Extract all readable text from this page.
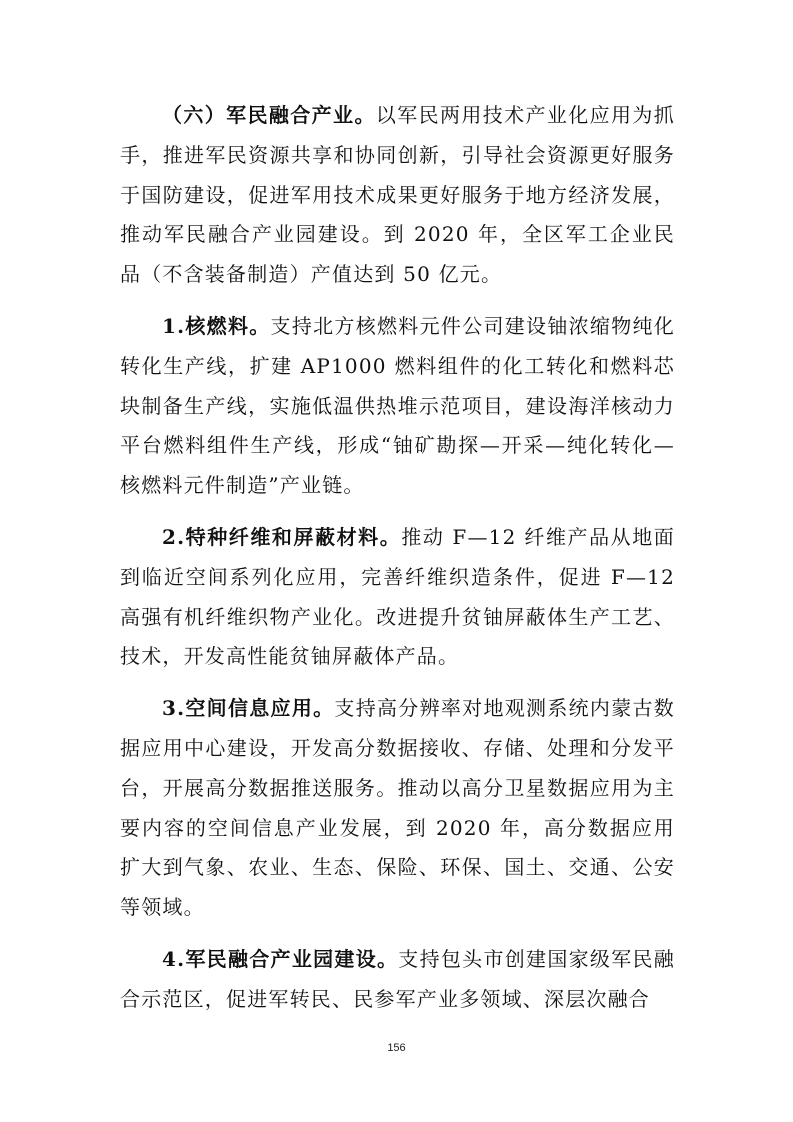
（六）军民融合产业。以军民两用技术产业化应用为抓手，推进军民资源共享和协同创新，引导社会资源更好服务于国防建设，促进军用技术成果更好服务于地方经济发展，推动军民融合产业园建设。到 2020 年，全区军工企业民品（不含装备制造）产值达到 50 亿元。

1.核燃料。支持北方核燃料元件公司建设铀浓缩物纯化转化生产线，扩建 AP1000 燃料组件的化工转化和燃料芯块制备生产线，实施低温供热堆示范项目，建设海洋核动力平台燃料组件生产线，形成“铀矿勘探—开采—纯化转化—核燃料元件制造”产业链。

2.特种纤维和屏蔽材料。推动 F—12 纤维产品从地面到临近空间系列化应用，完善纤维织造条件，促进 F—12 高强有机纤维织物产业化。改进提升贫铀屏蔽体生产工艺、技术，开发高性能贫铀屏蔽体产品。

3.空间信息应用。支持高分辨率对地观测系统内蒙古数据应用中心建设，开发高分数据接收、存储、处理和分发平台，开展高分数据推送服务。推动以高分卫星数据应用为主要内容的空间信息产业发展，到 2020 年，高分数据应用扩大到气象、农业、生态、保险、环保、国土、交通、公安等领域。

4.军民融合产业园建设。支持包头市创建国家级军民融合示范区，促进军转民、民参军产业多领域、深层次融合

156
